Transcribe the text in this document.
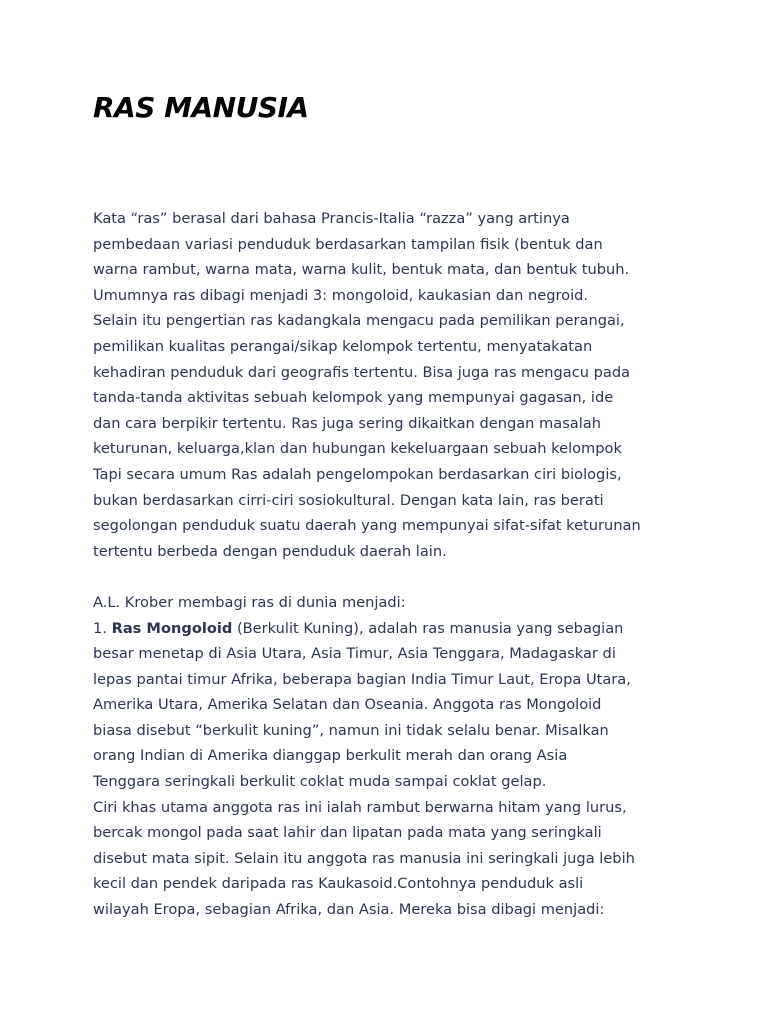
RAS MANUSIA
Kata “ras” berasal dari bahasa Prancis-Italia “razza” yang artinya
pembedaan variasi penduduk berdasarkan tampilan fisik (bentuk dan
warna rambut, warna mata, warna kulit, bentuk mata, dan bentuk tubuh.
Umumnya ras dibagi menjadi 3: mongoloid, kaukasian dan negroid.
Selain itu pengertian ras kadangkala mengacu pada pemilikan perangai,
pemilikan kualitas perangai/sikap kelompok tertentu, menyatakatan
kehadiran penduduk dari geografis tertentu. Bisa juga ras mengacu pada
tanda-tanda aktivitas sebuah kelompok yang mempunyai gagasan, ide
dan cara berpikir tertentu. Ras juga sering dikaitkan dengan masalah
keturunan, keluarga,klan dan hubungan kekeluargaan sebuah kelompok
Tapi secara umum Ras adalah pengelompokan berdasarkan ciri biologis,
bukan berdasarkan cirri-ciri sosiokultural. Dengan kata lain, ras berati
segolongan penduduk suatu daerah yang mempunyai sifat-sifat keturunan
tertentu berbeda dengan penduduk daerah lain.
A.L. Krober membagi ras di dunia menjadi:
1. Ras Mongoloid (Berkulit Kuning), adalah ras manusia yang sebagian
besar menetap di Asia Utara, Asia Timur, Asia Tenggara, Madagaskar di
lepas pantai timur Afrika, beberapa bagian India Timur Laut, Eropa Utara,
Amerika Utara, Amerika Selatan dan Oseania. Anggota ras Mongoloid
biasa disebut “berkulit kuning”, namun ini tidak selalu benar. Misalkan
orang Indian di Amerika dianggap berkulit merah dan orang Asia
Tenggara seringkali berkulit coklat muda sampai coklat gelap.
Ciri khas utama anggota ras ini ialah rambut berwarna hitam yang lurus,
bercak mongol pada saat lahir dan lipatan pada mata yang seringkali
disebut mata sipit. Selain itu anggota ras manusia ini seringkali juga lebih
kecil dan pendek daripada ras Kaukasoid.Contohnya penduduk asli
wilayah Eropa, sebagian Afrika, dan Asia. Mereka bisa dibagi menjadi:
